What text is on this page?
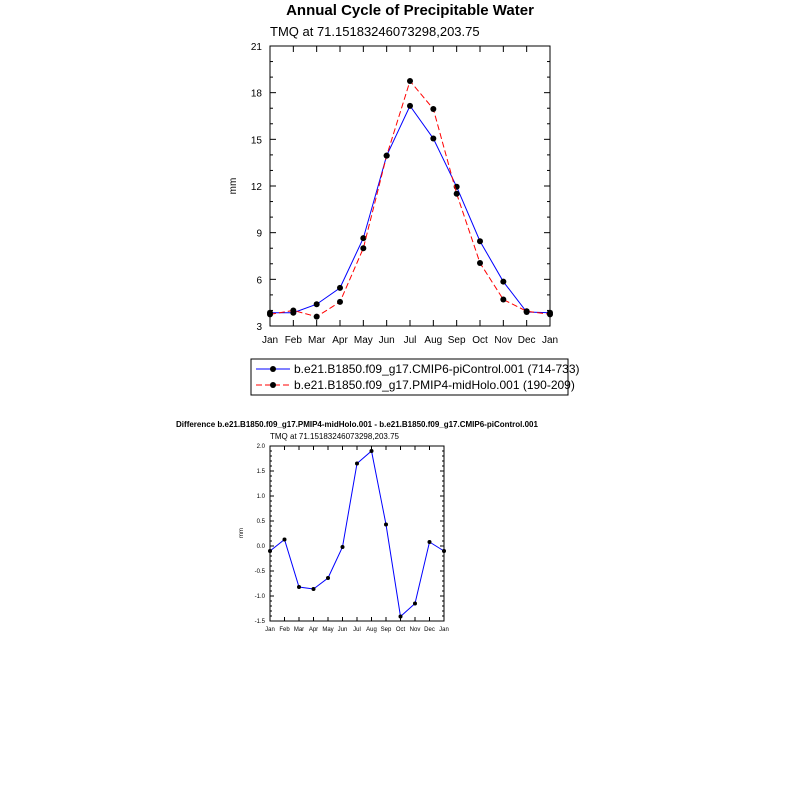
Annual Cycle of Precipitable Water
TMQ at 71.15183246073298,203.75
3
6
9
12
15
18
21
Jan Feb Mar Apr May Jun Jul Aug Sep Oct Nov Dec Jan
mm
b.e21.B1850.f09_g17.CMIP6-piControl.001 (714-733)
b.e21.B1850.f09_g17.PMIP4-midHolo.001 (190-209)
Difference b.e21.B1850.f09_g17.PMIP4-midHolo.001 - b.e21.B1850.f09_g17.CMIP6-piControl.001
TMQ at 71.15183246073298,203.75
-1.5
-1.0
-0.5
0.0
0.5
1.0
1.5
2.0
Jan Feb Mar Apr May Jun Jul Aug Sep Oct Nov Dec Jan
mm
